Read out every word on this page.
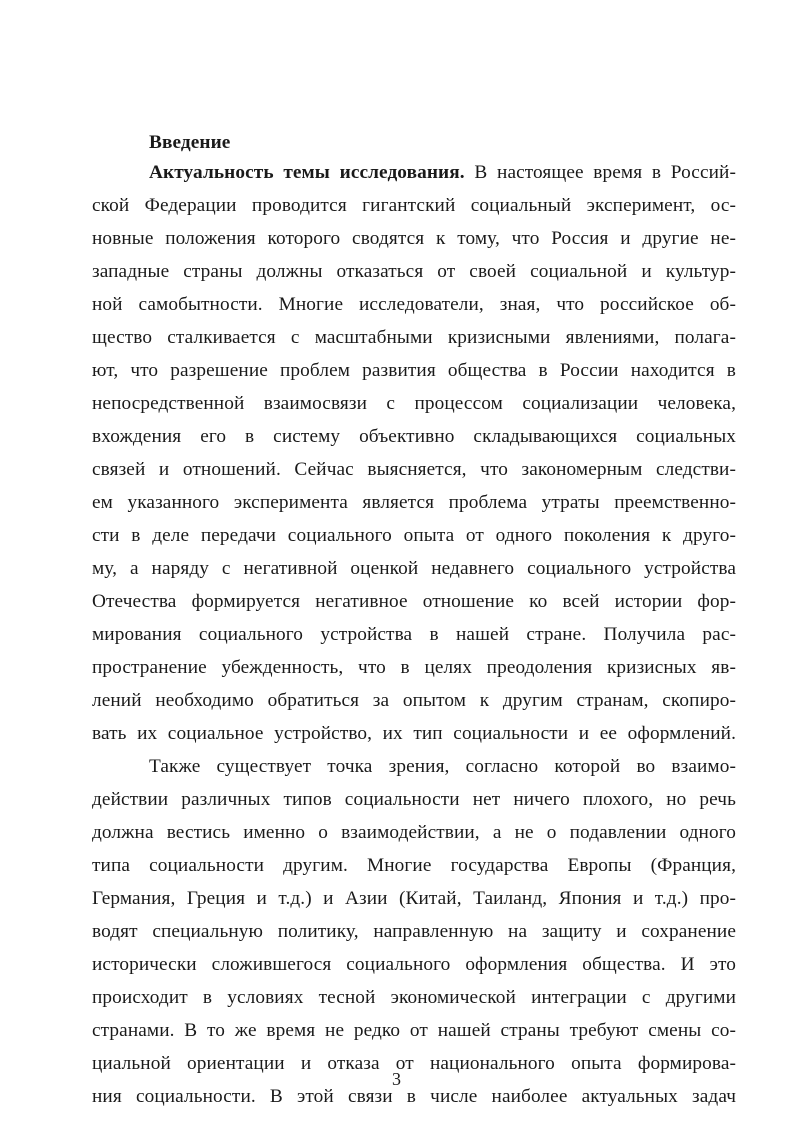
Введение
Актуальность темы исследования. В настоящее время в Россий-
ской Федерации проводится гигантский социальный эксперимент, ос-
новные положения которого сводятся к тому, что Россия и другие не-
западные страны должны отказаться от своей социальной и культур-
ной самобытности. Многие исследователи, зная, что российское об-
щество сталкивается с масштабными кризисными явлениями, полага-
ют, что разрешение проблем развития общества в России находится в
непосредственной взаимосвязи с процессом социализации человека,
вхождения его в систему объективно складывающихся социальных
связей и отношений. Сейчас выясняется, что закономерным следстви-
ем указанного эксперимента является проблема утраты преемственно-
сти в деле передачи социального опыта от одного поколения к друго-
му, а наряду с негативной оценкой недавнего социального устройства
Отечества формируется негативное отношение ко всей истории фор-
мирования социального устройства в нашей стране. Получила рас-
пространение убежденность, что в целях преодоления кризисных яв-
лений необходимо обратиться за опытом к другим странам, скопиро-
вать их социальное устройство, их тип социальности и ее оформлений.
Также существует точка зрения, согласно которой во взаимо-
действии различных типов социальности нет ничего плохого, но речь
должна вестись именно о взаимодействии, а не о подавлении одного
типа социальности другим. Многие государства Европы (Франция,
Германия, Греция и т.д.) и Азии (Китай, Таиланд, Япония и т.д.) про-
водят специальную политику, направленную на защиту и сохранение
исторически сложившегося социального оформления общества. И это
происходит в условиях тесной экономической интеграции с другими
странами. В то же время не редко от нашей страны требуют смены со-
циальной ориентации и отказа от национального опыта формирова-
ния социальности. В этой связи в числе наиболее актуальных задач
3
